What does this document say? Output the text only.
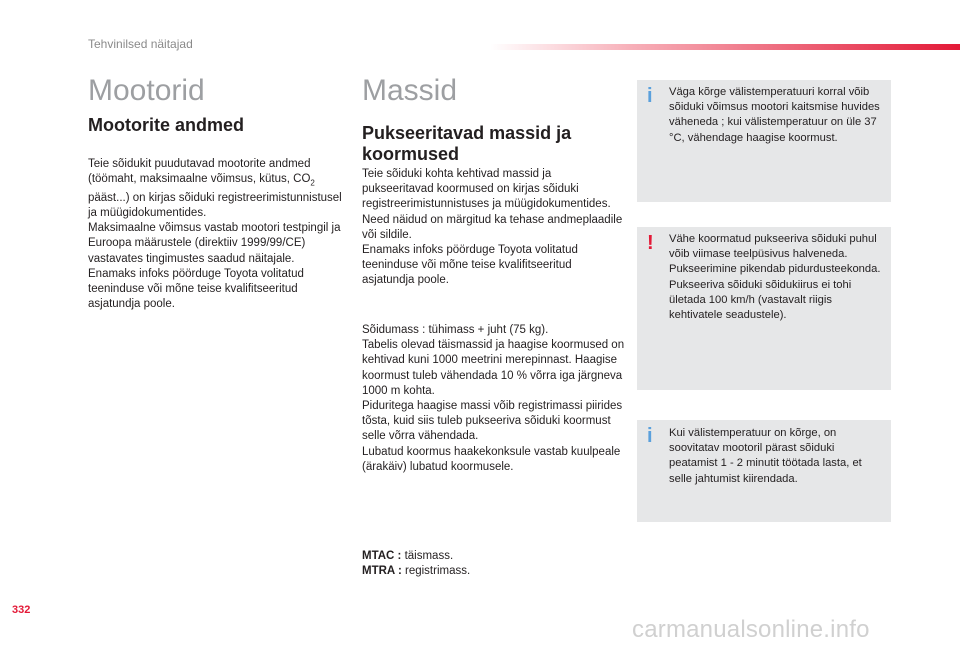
Tehvinilsed näitajad
Mootorid
Mootorite andmed

Teie sõidukit puudutavad mootorite andmed (töömaht, maksimaalne võimsus, kütus, $CO_2$ pääst...) on kirjas sõiduki registreerimistunnistusel ja müügidokumentides.

Maksimaalne võimsus vastab mootori testpingil ja Euroopa määrustele (direktiiv 1999/99/CE) vastavates tingimustes saadud näitajale.

Enamaks infoks pöörduge Toyota volitatud teeninduse või mõne teise kvalifitseeritud asjatundja poole.

Massid
Pukseeritavad massid ja koormused

Teie sõiduki kohta kehtivad massid ja pukseeritavad koormused on kirjas sõiduki registreerimistunnistuses ja müügidokumentides.

Need näidud on märgitud ka tehase andmeplaadile või sildile.

Enamaks infoks pöörduge Toyota volitatud teeninduse või mõne teise kvalifitseeritud asjatundja poole.

Sõidumass : tühimass + juht (75 kg).

Tabelis olevad täismassid ja haagise koormused on kehtivad kuni 1000 meetrini merepinnast. Haagise koormust tuleb vähendada 10 % võrra iga järgneva 1000 m kohta.

Piduritega haagise massi võib registrimassi piirides tõsta, kuid siis tuleb pukseeriva sõiduki koormust selle võrra vähendada.

Lubatud koormus haakekonksule vastab kuulpeale (ärakäiv) lubatud koormusele.

MTAC : täismass.

MTRA : registrimass.

i Väga kõrge välistemperatuuri korral võib sõiduki võimsus mootori kaitsmise huvides väheneda ; kui välistemperatuur on üle 37 °C, vähendage haagise koormust.
! Vähe koormatud pukseeriva sõiduki puhul võib viimase teelpüsivus halveneda.
Pukseerimine pikendab pidurdusteekonda.
Pukseeriva sõiduki sõidukiirus ei tohi ületada 100 km/h (vastavalt riigis kehtivatele seadustele).
i Kui välistemperatuur on kõrge, on soovitatav mootoril pärast sõiduki peatamist 1 - 2 minutit töötada lasta, et selle jahtumist kiirendada.
332
carmanualsonline.info
